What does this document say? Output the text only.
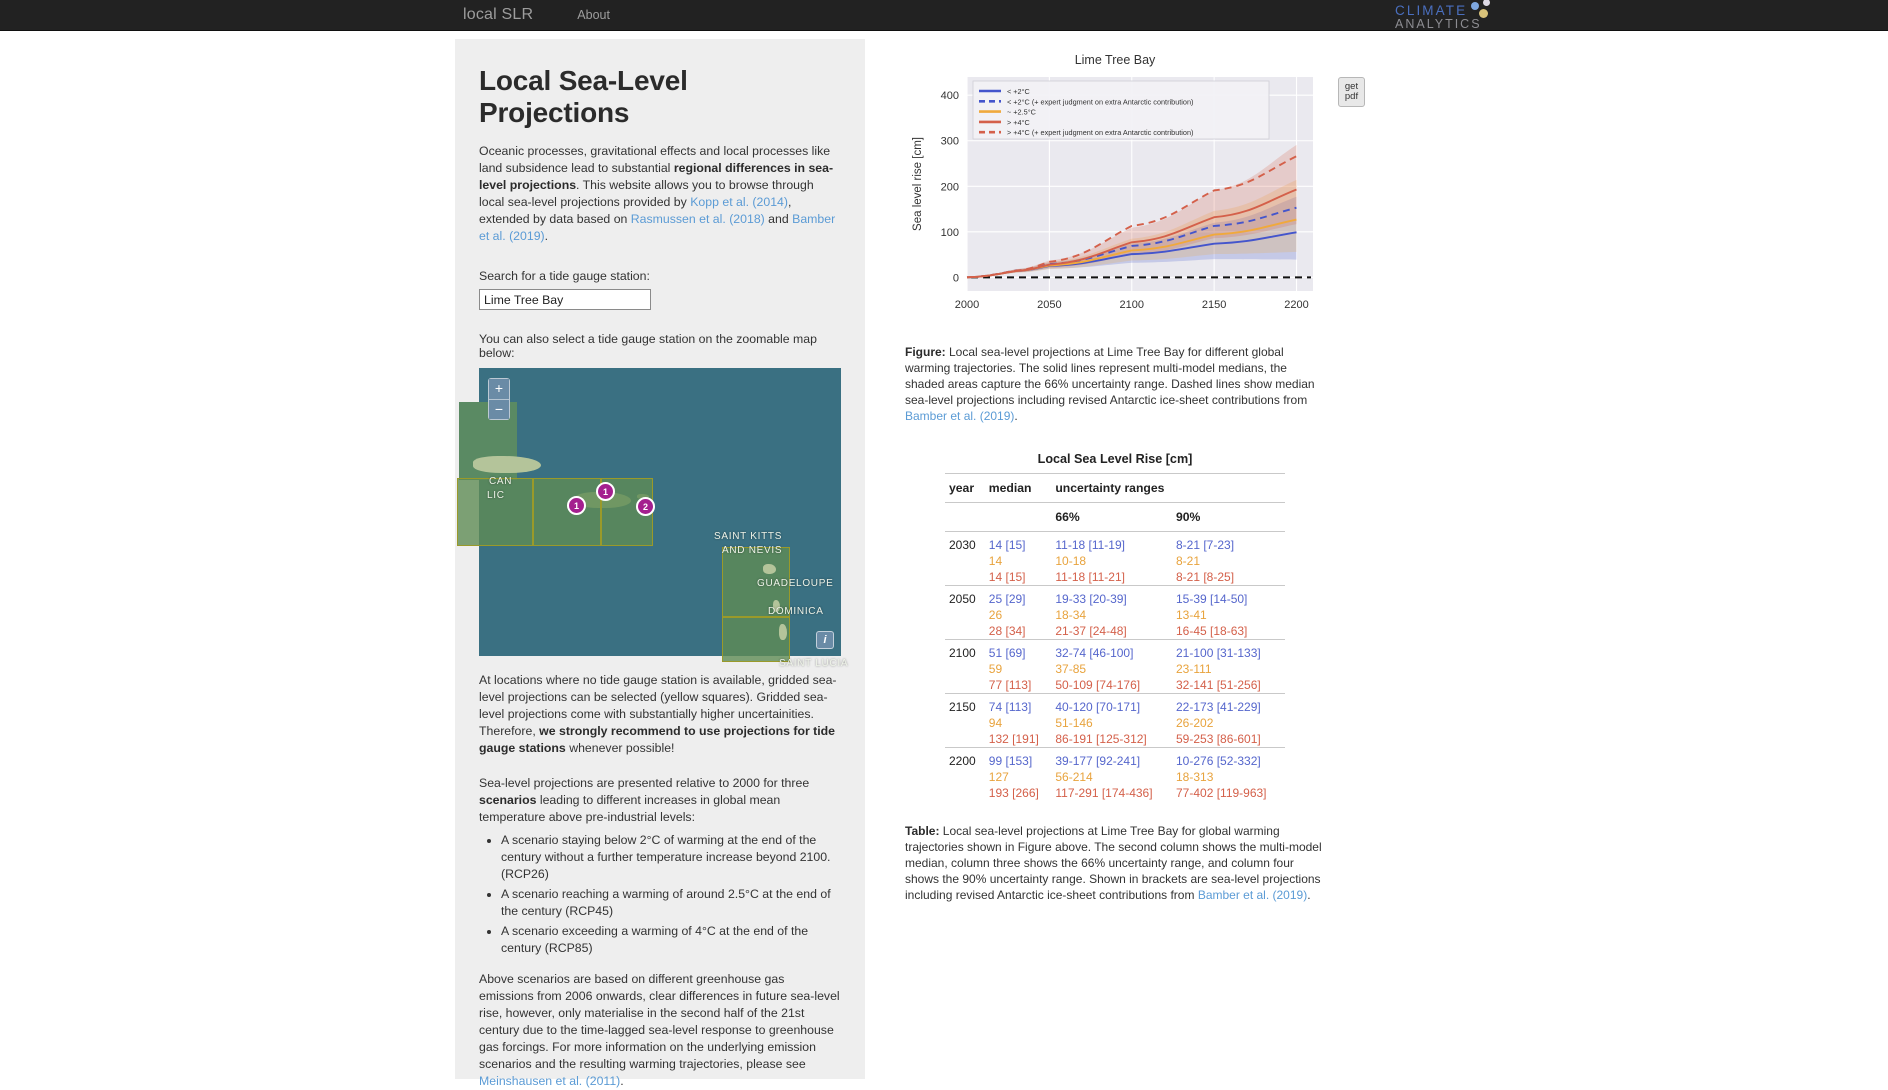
local SLR	About	CLIMATE
ANALYTICS
Local Sea-Level Projections

Oceanic processes, gravitational effects and local processes like land subsidence lead to substantial regional differences in sea-level projections. This website allows you to browse through local sea-level projections provided by Kopp et al. (2014), extended by data based on Rasmussen et al. (2018) and Bamber et al. (2019).

Search for a tide gauge station:
Lime Tree Bay
You can also select a tide gauge station on the zoomable map below:
+
−
i
CAN
LIC
SAINT KITTS
AND NEVIS
GUADELOUPE
DOMINICA
SAINT LUCIA
1
1
2

At locations where no tide gauge station is available, gridded sea-level projections can be selected (yellow squares). Gridded sea-level projections come with substantially higher uncertainities. Therefore, we strongly recommend to use projections for tide gauge stations whenever possible!

Sea-level projections are presented relative to 2000 for three scenarios leading to different increases in global mean temperature above pre-industrial levels:

• A scenario staying below 2°C of warming at the end of the century without a further temperature increase beyond 2100. (RCP26)
• A scenario reaching a warming of around 2.5°C at the end of the century (RCP45)
• A scenario exceeding a warming of 4°C at the end of the century (RCP85)

Above scenarios are based on different greenhouse gas emissions from 2006 onwards, clear differences in future sea-level rise, however, only materialise in the second half of the 21st century due to the time-lagged sea-level response to greenhouse gas forcings. For more information on the underlying emission scenarios and the resulting warming trajectories, please see Meinshausen et al. (2011).

get pdf
Lime Tree Bay
0
100
200
300
400
2000	2050	2100	2150	2200
Sea level rise [cm]
< +2°C
< +2°C (+ expert judgment on extra Antarctic contribution)
~ +2.5°C
> +4°C
> +4°C (+ expert judgment on extra Antarctic contribution)

Figure: Local sea-level projections at Lime Tree Bay for different global warming trajectories. The solid lines represent multi-model medians, the shaded areas capture the 66% uncertainty range. Dashed lines show median sea-level projections including revised Antarctic ice-sheet contributions from Bamber et al. (2019).

Local Sea Level Rise [cm]
year	median	uncertainty ranges	
		66%	90%
2030	14 [15]	11-18 [11-19]	8-21 [7-23]
	14	10-18	8-21
	14 [15]	11-18 [11-21]	8-21 [8-25]
2050	25 [29]	19-33 [20-39]	15-39 [14-50]
	26	18-34	13-41
	28 [34]	21-37 [24-48]	16-45 [18-63]
2100	51 [69]	32-74 [46-100]	21-100 [31-133]
	59	37-85	23-111
	77 [113]	50-109 [74-176]	32-141 [51-256]
2150	74 [113]	40-120 [70-171]	22-173 [41-229]
	94	51-146	26-202
	132 [191]	86-191 [125-312]	59-253 [86-601]
2200	99 [153]	39-177 [92-241]	10-276 [52-332]
	127	56-214	18-313
	193 [266]	117-291 [174-436]	77-402 [119-963]

Table: Local sea-level projections at Lime Tree Bay for global warming trajectories shown in Figure above. The second column shows the multi-model median, column three shows the 66% uncertainty range, and column four shows the 90% uncertainty range. Shown in brackets are sea-level projections including revised Antarctic ice-sheet contributions from Bamber et al. (2019).
